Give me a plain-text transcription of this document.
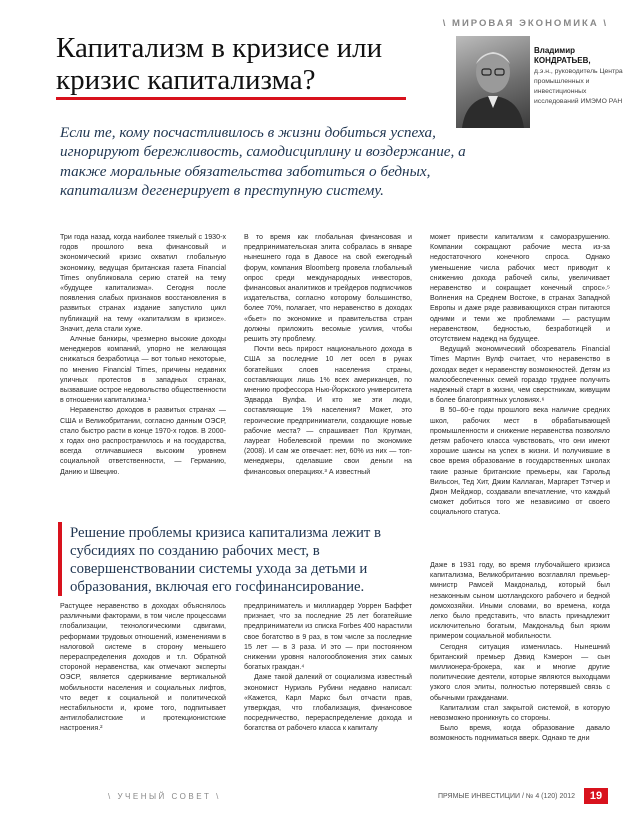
\ МИРОВАЯ ЭКОНОМИКА \
Капитализм в кризисе или кризис капитализма?
Владимир
КОНДРАТЬЕВ,
д.э.н., руководитель Центра промышленных и инвестиционных исследований ИМЭМО РАН
Если те, кому посчастливилось в жизни добиться успеха, игнорируют бережливость, самодисциплину и воздержание, а также моральные обязательства заботиться о бедных, капитализм дегенерирует в преступную систему.

Три года назад, когда наиболее тяжелый с 1930-х годов прошлого века финансовый и экономический кризис охватил глобальную экономику, ведущая британская газета Financial Times опубликовала серию статей на тему «будущее капитализма». Сегодня после появления слабых признаков восстановления в развитых странах издание запустило цикл публикаций на тему «капитализм в кризисе». Значит, дела стали хуже.

Алчные банкиры, чрезмерно высокие доходы менеджеров компаний, упорно не желающая снижаться безработица — вот только некоторые, по мнению Financial Times, причины недавних уличных протестов в западных странах, вызвавшие острое недовольство общественности в отношении капитализма.¹

Неравенство доходов в развитых странах — США и Великобритании, согласно данным ОЭСР, стало быстро расти в конце 1970-х годов. В 2000-х годах оно распространилось и на государства, всегда отличавшиеся высоким уровнем социальной ответственности, — Германию, Данию и Швецию.

В то время как глобальная финансовая и предпринимательская элита собралась в январе нынешнего года в Давосе на свой ежегодный форум, компания Bloomberg провела глобальный опрос среди международных инвесторов, финансовых аналитиков и трейдеров подписчиков издательства, согласно которому большинство, более 70%, полагает, что неравенство в доходах «бьет» по экономике и правительства стран должны приложить весомые усилия, чтобы решить эту проблему.

Почти весь прирост национального дохода в США за последние 10 лет осел в руках богатейших слоев населения страны, составляющих лишь 1% всех американцев, по мнению профессора Нью-Йоркского университета Эдварда Вулфа. И кто же эти люди, составляющие 1% населения? Может, это героические предприниматели, создающие новые рабочие места? — спрашивает Пол Кругман, лауреат Нобелевской премии по экономике (2008). И сам же отвечает: нет, 60% из них — топ-менеджеры, сделавшие свои деньги на финансовых операциях.³ А известный

может привести капитализм к саморазрушению. Компании сокращают рабочие места из-за недостаточного конечного спроса. Однако уменьшение числа рабочих мест приводит к снижению дохода рабочей силы, увеличивает неравенство и сокращает конечный спрос».⁵ Волнения на Среднем Востоке, в странах Западной Европы и даже ряде развивающихся стран питаются одними и теми же проблемами — растущим неравенством, бедностью, безработицей и отсутствием надежд на будущее.

Ведущий экономический обозреватель Financial Times Мартин Вулф считает, что неравенство в доходах ведет к неравенству возможностей. Детям из малообеспеченных семей гораздо труднее получить надежный старт в жизни, чем сверстникам, живущим в более благоприятных условиях.⁶

В 50–60-е годы прошлого века наличие средних школ, рабочих мест в обрабатывающей промышленности и снижение неравенства позволяло детям рабочего класса чувствовать, что они имеют хорошие шансы на успех в жизни. И получившие в свое время образование в государственных школах такие разные британские премьеры, как Гарольд Вильсон, Тед Хит, Джим Каллаган, Маргарет Тэтчер и Джон Мейджор, создавали впечатление, что каждый сможет добиться того же независимо от своего социального статуса.

Даже в 1931 году, во время глубочайшего кризиса капитализма, Великобританию возглавлял премьер-министр Рамсей Макдональд, который был незаконным сыном шотландского рабочего и бедной домохозяйки. Иными словами, во времена, когда легко было представить, что власть принадлежит исключительно богатым, Макдональд был ярким примером социальной мобильности.

Сегодня ситуация изменилась. Нынешний британский премьер Дэвид Кэмерон — сын миллионера-брокера, как и многие другие политические деятели, которые являются выходцами узкого слоя элиты, полностью потерявшей связь с обычными гражданами.

Капитализм стал закрытой системой, в которую невозможно проникнуть со стороны.

Было время, когда образование давало возможность подниматься вверх. Однако те дни

Решение проблемы кризиса капитализма лежит в субсидиях по созданию рабочих мест, в совершенствовании системы ухода за детьми и образования, включая его госфинансирование.

Растущее неравенство в доходах объяснялось различными факторами, в том числе процессами глобализации, технологическими сдвигами, реформами трудовых отношений, изменениями в налоговой системе в сторону меньшего перераспределения доходов и т.п. Обратной стороной неравенства, как отмечают эксперты ОЭСР, является сдерживание вертикальной мобильности населения и социальных лифтов, что ведет к социальной и политической нестабильности и, кроме того, подпитывает антиглобалистские и протекционистские настроения.²

предприниматель и миллиардер Уоррен Баффет признает, что за последние 25 лет богатейшие предприниматели из списка Forbes 400 нарастили свое богатство в 9 раз, в том числе за последние 15 лет — в 3 раза. И это — при постоянном снижении уровня налогообложения этих самых богатых граждан.⁴

Даже такой далекий от социализма известный экономист Нуриэль Рубини недавно написал: «Кажется, Карл Маркс был отчасти прав, утверждая, что глобализация, финансовое посредничество, перераспределение дохода и богатства от рабочего класса к капиталу

\ УЧЕНЫЙ СОВЕТ \	ПРЯМЫЕ ИНВЕСТИЦИИ / № 4 (120) 2012	19
